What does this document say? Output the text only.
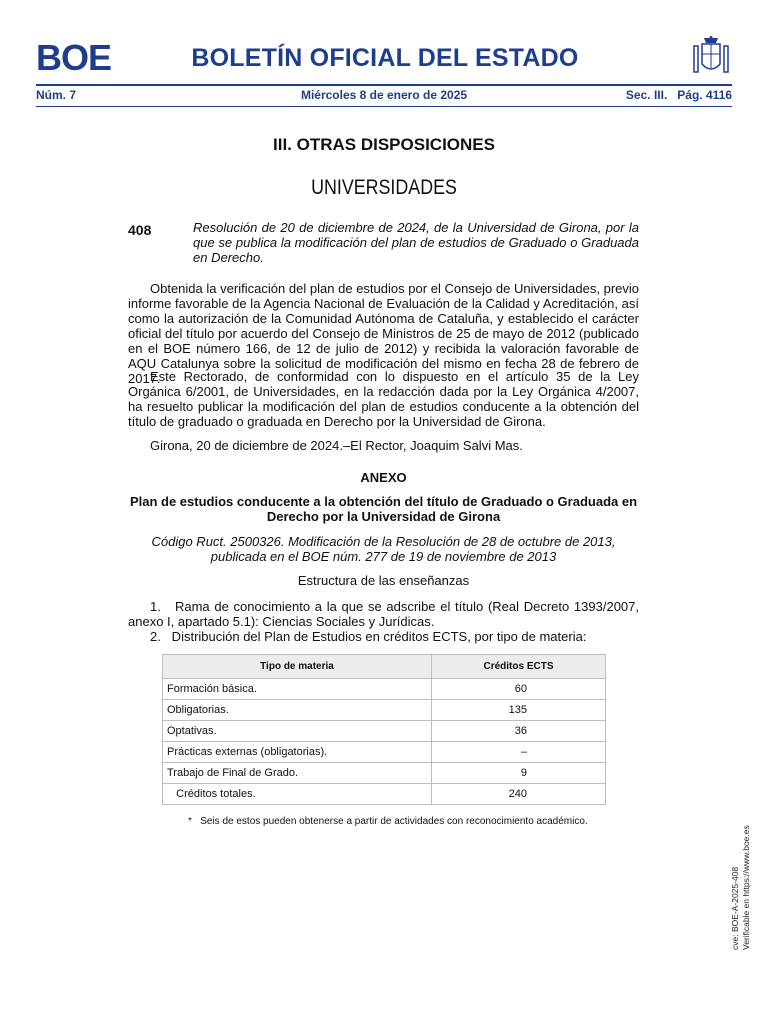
BOE	BOLETÍN OFICIAL DEL ESTADO
Núm. 7	Miércoles 8 de enero de 2025	Sec. III.   Pág. 4116
III. OTRAS DISPOSICIONES
UNIVERSIDADES
408	Resolución de 20 de diciembre de 2024, de la Universidad de Girona, por la que se publica la modificación del plan de estudios de Graduado o Graduada en Derecho.
Obtenida la verificación del plan de estudios por el Consejo de Universidades, previo informe favorable de la Agencia Nacional de Evaluación de la Calidad y Acreditación, así como la autorización de la Comunidad Autónoma de Cataluña, y establecido el carácter oficial del título por acuerdo del Consejo de Ministros de 25 de mayo de 2012 (publicado en el BOE número 166, de 12 de julio de 2012) y recibida la valoración favorable de AQU Catalunya sobre la solicitud de modificación del mismo en fecha 28 de febrero de 2017.
Este Rectorado, de conformidad con lo dispuesto en el artículo 35 de la Ley Orgánica 6/2001, de Universidades, en la redacción dada por la Ley Orgánica 4/2007, ha resuelto publicar la modificación del plan de estudios conducente a la obtención del título de graduado o graduada en Derecho por la Universidad de Girona.
Girona, 20 de diciembre de 2024.–El Rector, Joaquim Salvi Mas.
ANEXO
Plan de estudios conducente a la obtención del título de Graduado o Graduada en Derecho por la Universidad de Girona
Código Ruct. 2500326. Modificación de la Resolución de 28 de octubre de 2013, publicada en el BOE núm. 277 de 19 de noviembre de 2013
Estructura de las enseñanzas
1.   Rama de conocimiento a la que se adscribe el título (Real Decreto 1393/2007, anexo I, apartado 5.1): Ciencias Sociales y Jurídicas.
2.   Distribución del Plan de Estudios en créditos ECTS, por tipo de materia:
Tipo de materia	Créditos ECTS
Formación básica.	60
Obligatorias.	135
Optativas.	36
Prácticas externas (obligatorias).	–
Trabajo de Final de Grado.	9
Créditos totales.	240
*   Seis de estos pueden obtenerse a partir de actividades con reconocimiento académico.
cve: BOE-A-2025-408 Verificable en https://www.boe.es
